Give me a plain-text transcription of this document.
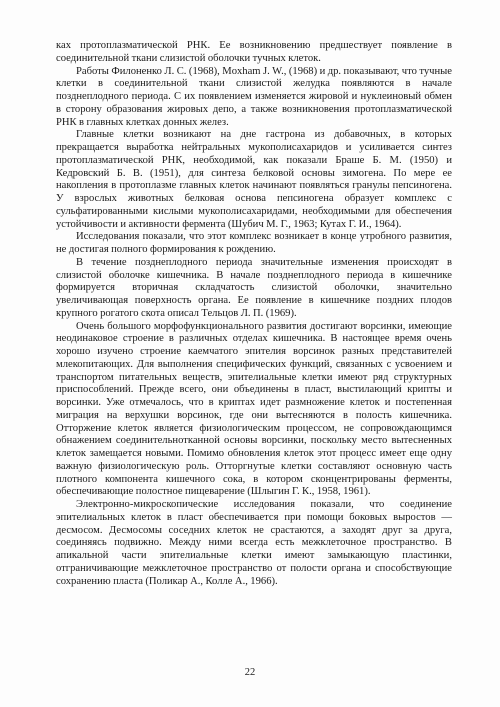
ках протоплазматической РНК. Ее возникновению предшествует появление в соединительной ткани слизистой оболочки тучных клеток.

Работы Филоненко Л. С. (1968), Moxham J. W., (1968) и др. показывают, что тучные клетки в соединительной ткани слизистой желудка появляются в начале позднеплодного периода. С их появлением изменяется жировой и нуклеиновый обмен в сторону образования жировых депо, а также возникновения протоплазматической РНК в главных клетках донных желез.

Главные клетки возникают на дне гастрона из добавочных, в которых прекращается выработка нейтральных мукополисахаридов и усиливается синтез протоплазматической РНК, необходимой, как показали Браше Б. М. (1950) и Кедровский Б. В. (1951), для синтеза белковой основы зимогена. По мере ее накопления в протоплазме главных клеток начинают появляться гранулы пепсиногена. У взрослых животных белковая основа пепсиногена образует комплекс с сульфатированными кислыми мукополисахаридами, необходимыми для обеспечения устойчивости и активности фермента (Шубич М. Г., 1963; Кутах Г. И., 1964).

Исследования показали, что этот комплекс возникает в конце утробного развития, не достигая полного формирования к рождению.

В течение позднеплодного периода значительные изменения происходят в слизистой оболочке кишечника. В начале позднеплодного периода в кишечнике формируется вторичная складчатость слизистой оболочки, значительно увеличивающая поверхность органа. Ее появление в кишечнике поздних плодов крупного рогатого скота описал Тельцов Л. П. (1969).

Очень большого морфофункционального развития достигают ворсинки, имеющие неодинаковое строение в различных отделах кишечника. В настоящее время очень хорошо изучено строение каемчатого эпителия ворсинок разных представителей млекопитающих. Для выполнения специфических функций, связанных с усвоением и транспортом питательных веществ, эпителиальные клетки имеют ряд структурных приспособлений. Прежде всего, они объединены в пласт, выстилающий крипты и ворсинки. Уже отмечалось, что в криптах идет размножение клеток и постепенная миграция на верхушки ворсинок, где они вытесняются в полость кишечника. Отторжение клеток является физиологическим процессом, не сопровождающимся обнажением соединительнотканной основы ворсинки, поскольку место вытесненных клеток замещается новыми. Помимо обновления клеток этот процесс имеет еще одну важную физиологическую роль. Отторгнутые клетки составляют основную часть плотного компонента кишечного сока, в котором сконцентрированы ферменты, обеспечивающие полостное пищеварение (Шлыгин Г. К., 1958, 1961).

Электронно-микроскопические исследования показали, что соединение эпителиальных клеток в пласт обеспечивается при помощи боковых выростов — десмосом. Десмосомы соседних клеток не срастаются, а заходят друг за друга, соединяясь подвижно. Между ними всегда есть межклеточное пространство. В апикальной части эпителиальные клетки имеют замыкающую пластинки, отграничивающие межклеточное пространство от полости органа и способствующие сохранению пласта (Поликар А., Колле А., 1966).

22
